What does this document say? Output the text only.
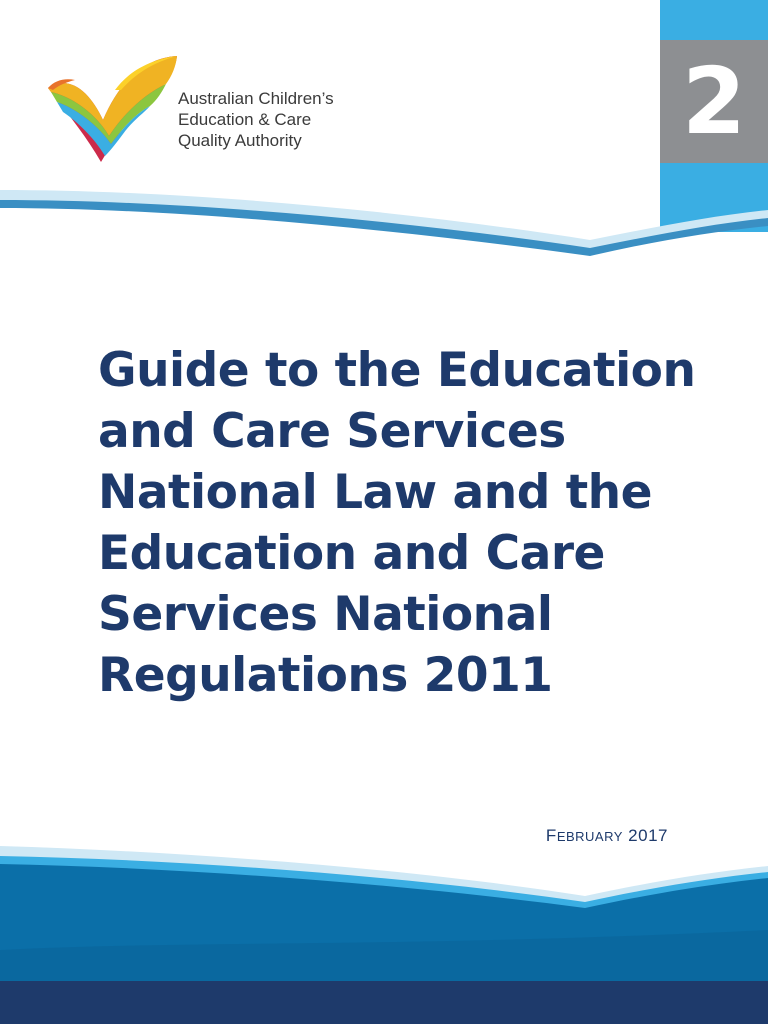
Australian Children’s
Education & Care
Quality Authority	2
Guide to the Education
and Care Services
National Law and the
Education and Care
Services National
Regulations 2011
FEBRUARY 2017
